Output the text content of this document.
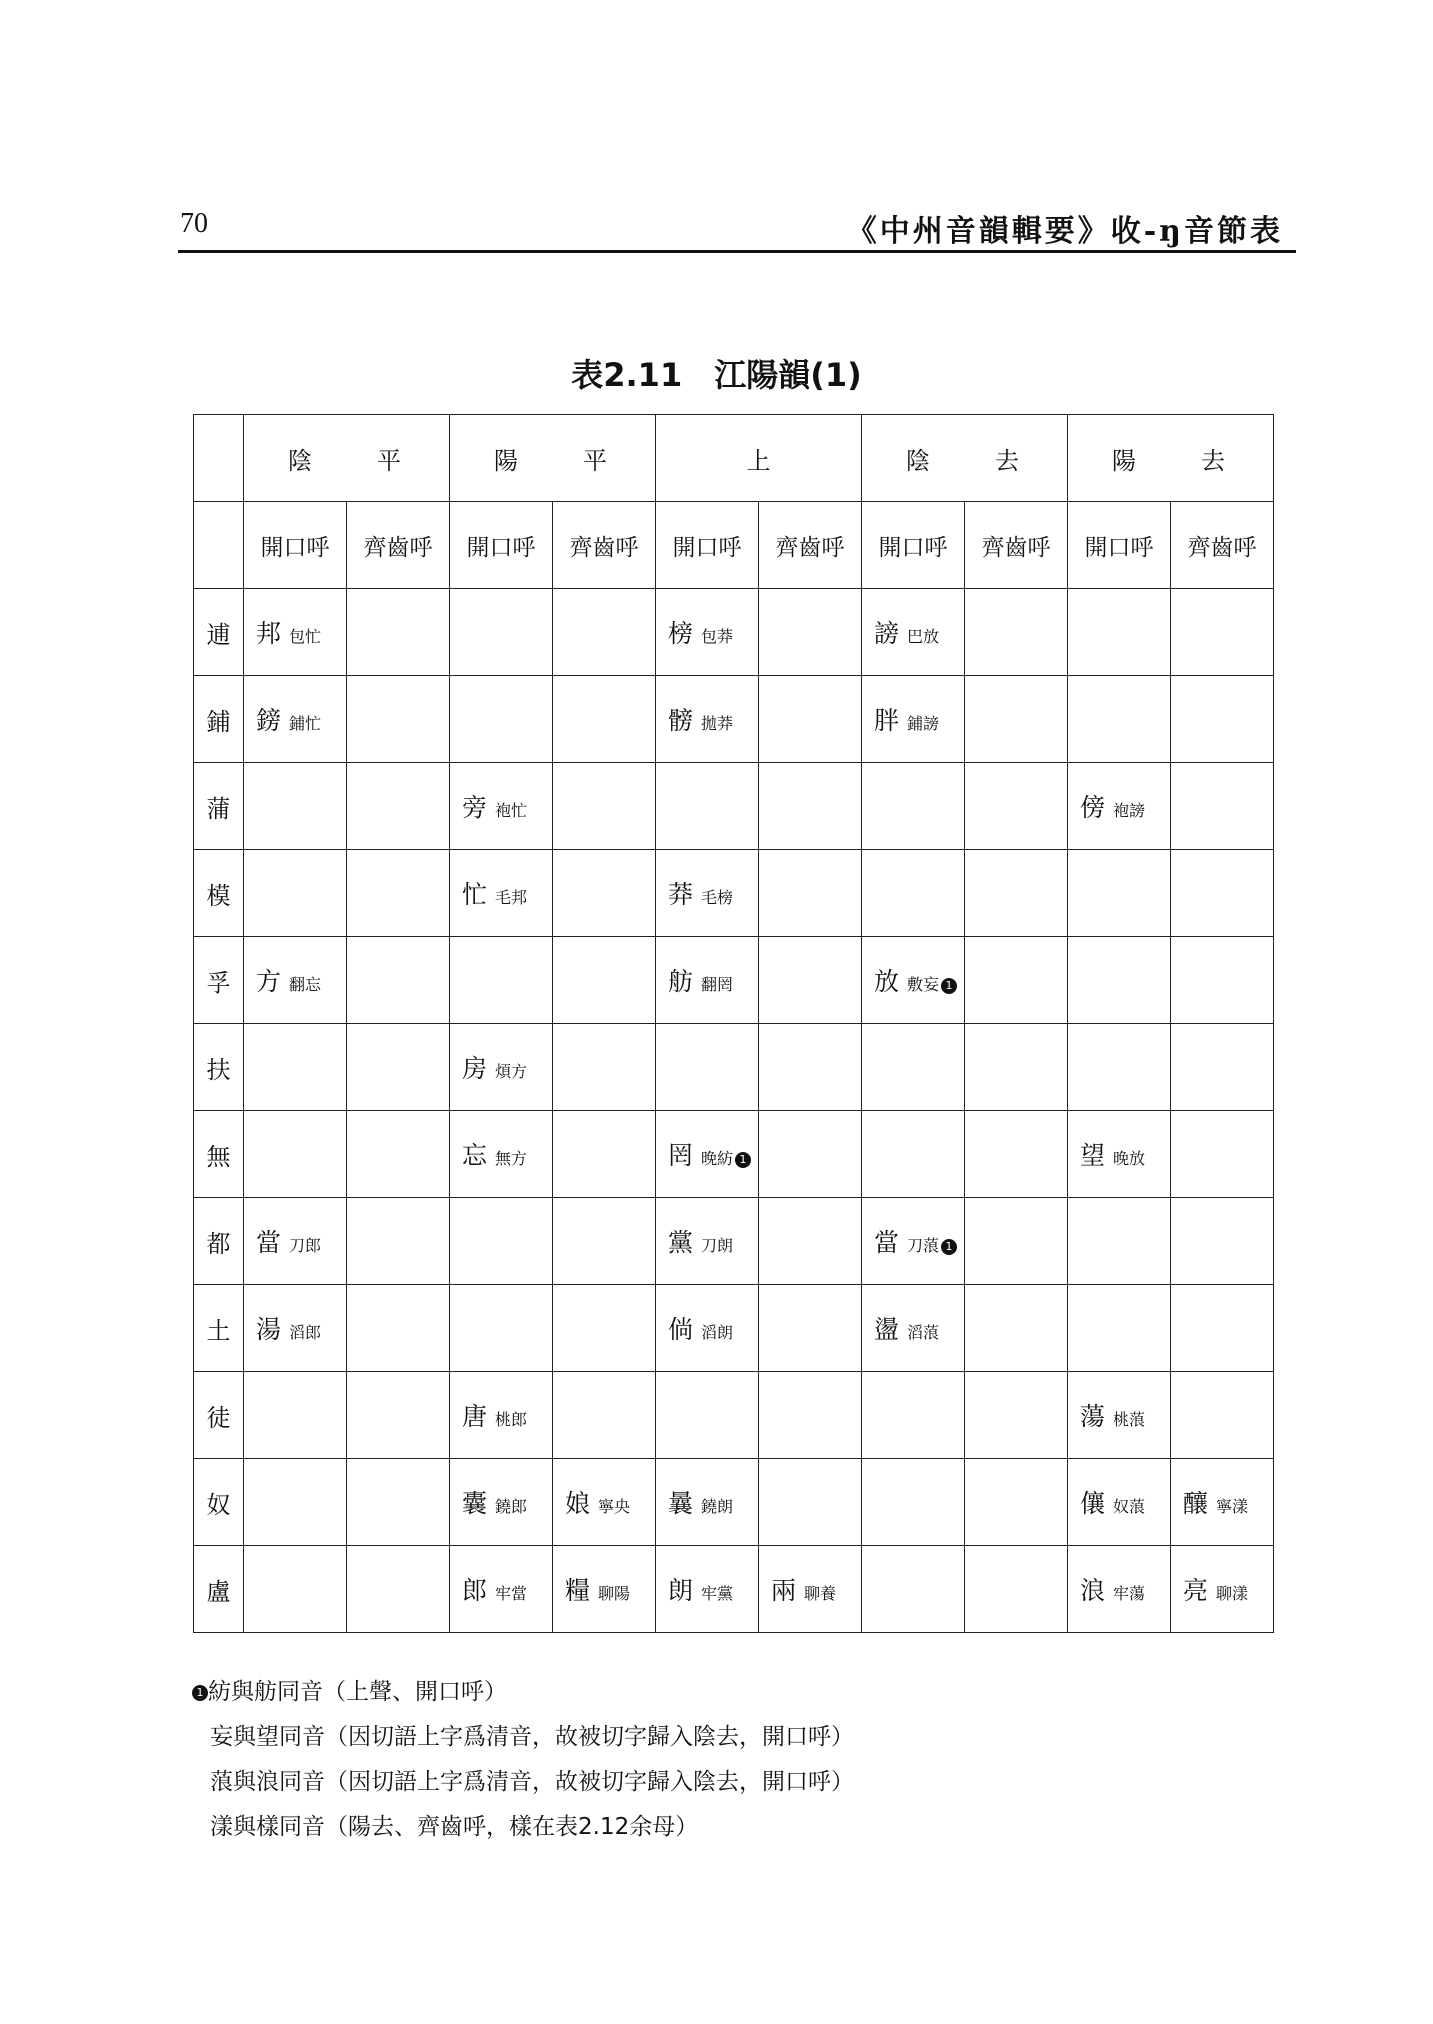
70	《中州音韻輯要》收-ŋ音節表
表2.11　江陽韻(1)

	陰 平		陽 平		上		陰 去		陽 去	

	開口呼	齊齒呼	開口呼	齊齒呼	開口呼	齊齒呼	開口呼	齊齒呼	開口呼	齊齒呼
逋	邦包忙				榜包莽		謗巴放			

鋪	鎊鋪忙				髈拋莽		胖鋪謗			

蒲			旁袍忙						傍袍謗	

模			忙毛邦		莽毛榜					

孚	方翻忘				舫翻罔		放敷妄 1			

扶			房煩方							

無			忘無方		罔晚紡 1				望晚放	

都	當刀郎				黨刀朗		當刀蒗 1			

土	湯滔郎				倘滔朗		盪滔蒗			

徒			唐桃郎						蕩桃蒗	

奴			囊鐃郎	娘寧央	曩鐃朗				儴奴蒗	釀寧漾

盧			郎牢當	糧聊陽	朗牢黨	兩聊養			浪牢蕩	亮聊漾
1 紡與舫同音（上聲、開口呼）
妄與望同音（因切語上字爲清音，故被切字歸入陰去，開口呼）
蒗與浪同音（因切語上字爲清音，故被切字歸入陰去，開口呼）
漾與樣同音（陽去、齊齒呼，樣在表2.12余母）
